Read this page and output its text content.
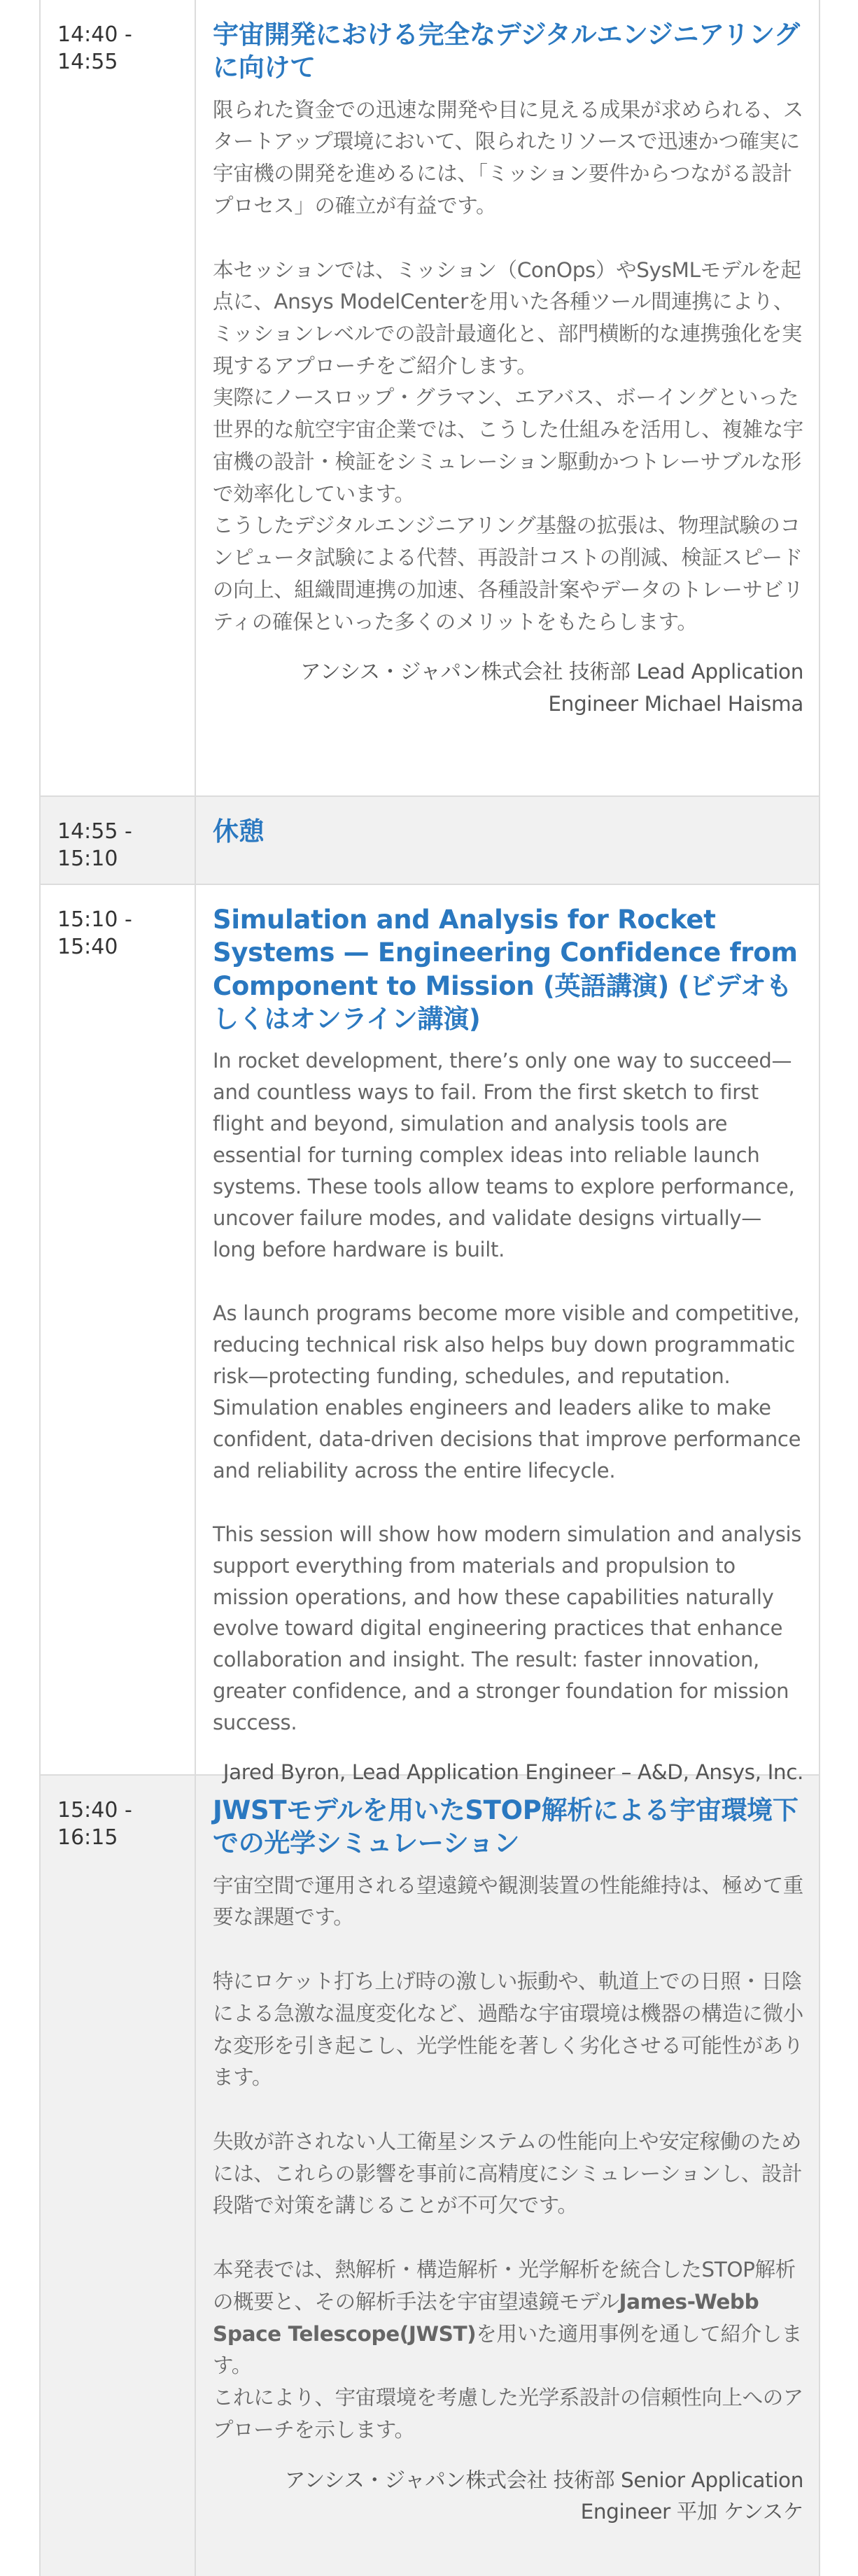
14:40 - 14:55
宇宙開発における完全なデジタルエンジニアリングに向けて

限られた資金での迅速な開発や目に見える成果が求められる、スタートアップ環境において、限られたリソースで迅速かつ確実に宇宙機の開発を進めるには、「ミッション要件からつながる設計プロセス」の確立が有益です。

本セッションでは、ミッション（ConOps）やSysMLモデルを起点に、Ansys ModelCenterを用いた各種ツール間連携により、ミッションレベルでの設計最適化と、部門横断的な連携強化を実現するアプローチをご紹介します。

実際にノースロップ・グラマン、エアバス、ボーイングといった世界的な航空宇宙企業では、こうした仕組みを活用し、複雑な宇宙機の設計・検証をシミュレーション駆動かつトレーサブルな形で効率化しています。

こうしたデジタルエンジニアリング基盤の拡張は、物理試験のコンピュータ試験による代替、再設計コストの削減、検証スピードの向上、組織間連携の加速、各種設計案やデータのトレーサビリティの確保といった多くのメリットをもたらします。

アンシス・ジャパン株式会社 技術部 Lead Application Engineer Michael Haisma
14:55 - 15:10
休憩
15:10 - 15:40
Simulation and Analysis for Rocket Systems — Engineering Confidence from Component to Mission (英語講演) (ビデオもしくはオンライン講演)

In rocket development, there’s only one way to succeed—and countless ways to fail. From the first sketch to first flight and beyond, simulation and analysis tools are essential for turning complex ideas into reliable launch systems. These tools allow teams to explore performance, uncover failure modes, and validate designs virtually—long before hardware is built.

As launch programs become more visible and competitive, reducing technical risk also helps buy down programmatic risk—protecting funding, schedules, and reputation. Simulation enables engineers and leaders alike to make confident, data-driven decisions that improve performance and reliability across the entire lifecycle.

This session will show how modern simulation and analysis support everything from materials and propulsion to mission operations, and how these capabilities naturally evolve toward digital engineering practices that enhance collaboration and insight. The result: faster innovation, greater confidence, and a stronger foundation for mission success.

Jared Byron, Lead Application Engineer – A&D, Ansys, Inc.
15:40 - 16:15
JWSTモデルを用いたSTOP解析による宇宙環境下での光学シミュレーション

宇宙空間で運用される望遠鏡や観測装置の性能維持は、極めて重要な課題です。

特にロケット打ち上げ時の激しい振動や、軌道上での日照・日陰による急激な温度変化など、過酷な宇宙環境は機器の構造に微小な変形を引き起こし、光学性能を著しく劣化させる可能性があります。

失敗が許されない人工衛星システムの性能向上や安定稼働のためには、これらの影響を事前に高精度にシミュレーションし、設計段階で対策を講じることが不可欠です。

本発表では、熱解析・構造解析・光学解析を統合したSTOP解析の概要と、その解析手法を宇宙望遠鏡モデルJames-Webb Space Telescope(JWST)を用いた適用事例を通して紹介します。

これにより、宇宙環境を考慮した光学系設計の信頼性向上へのアプローチを示します。

アンシス・ジャパン株式会社 技術部 Senior Application Engineer 平加 ケンスケ
